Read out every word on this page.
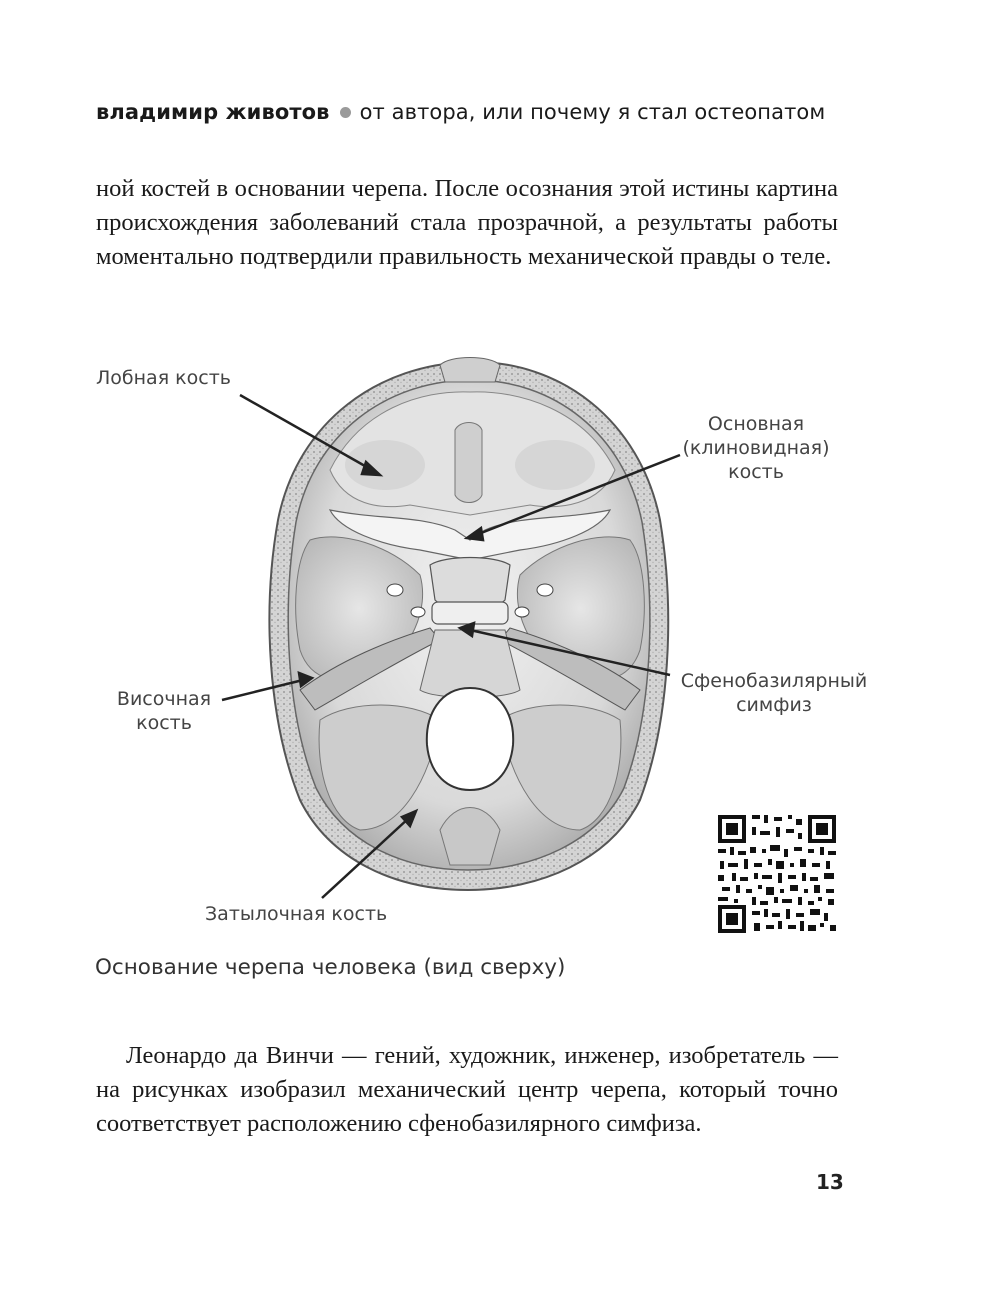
владимир животов от автора, или почему я стал остеопатом

ной костей в основании черепа. После осознания этой истины картина происхождения заболеваний стала прозрачной, а результаты работы моментально подтвердили правильность механической правды о теле.

Лобная кость

Основная
(клиновидная)
кость
Височная
кость
Сфенобазилярный
симфиз

Затылочная кость

Основание черепа человека (вид сверху)

Леонардо да Винчи — гений, художник, инженер, изобретатель — на рисунках изобразил механический центр черепа, который точно соответствует расположению сфенобазилярного симфиза.

13
